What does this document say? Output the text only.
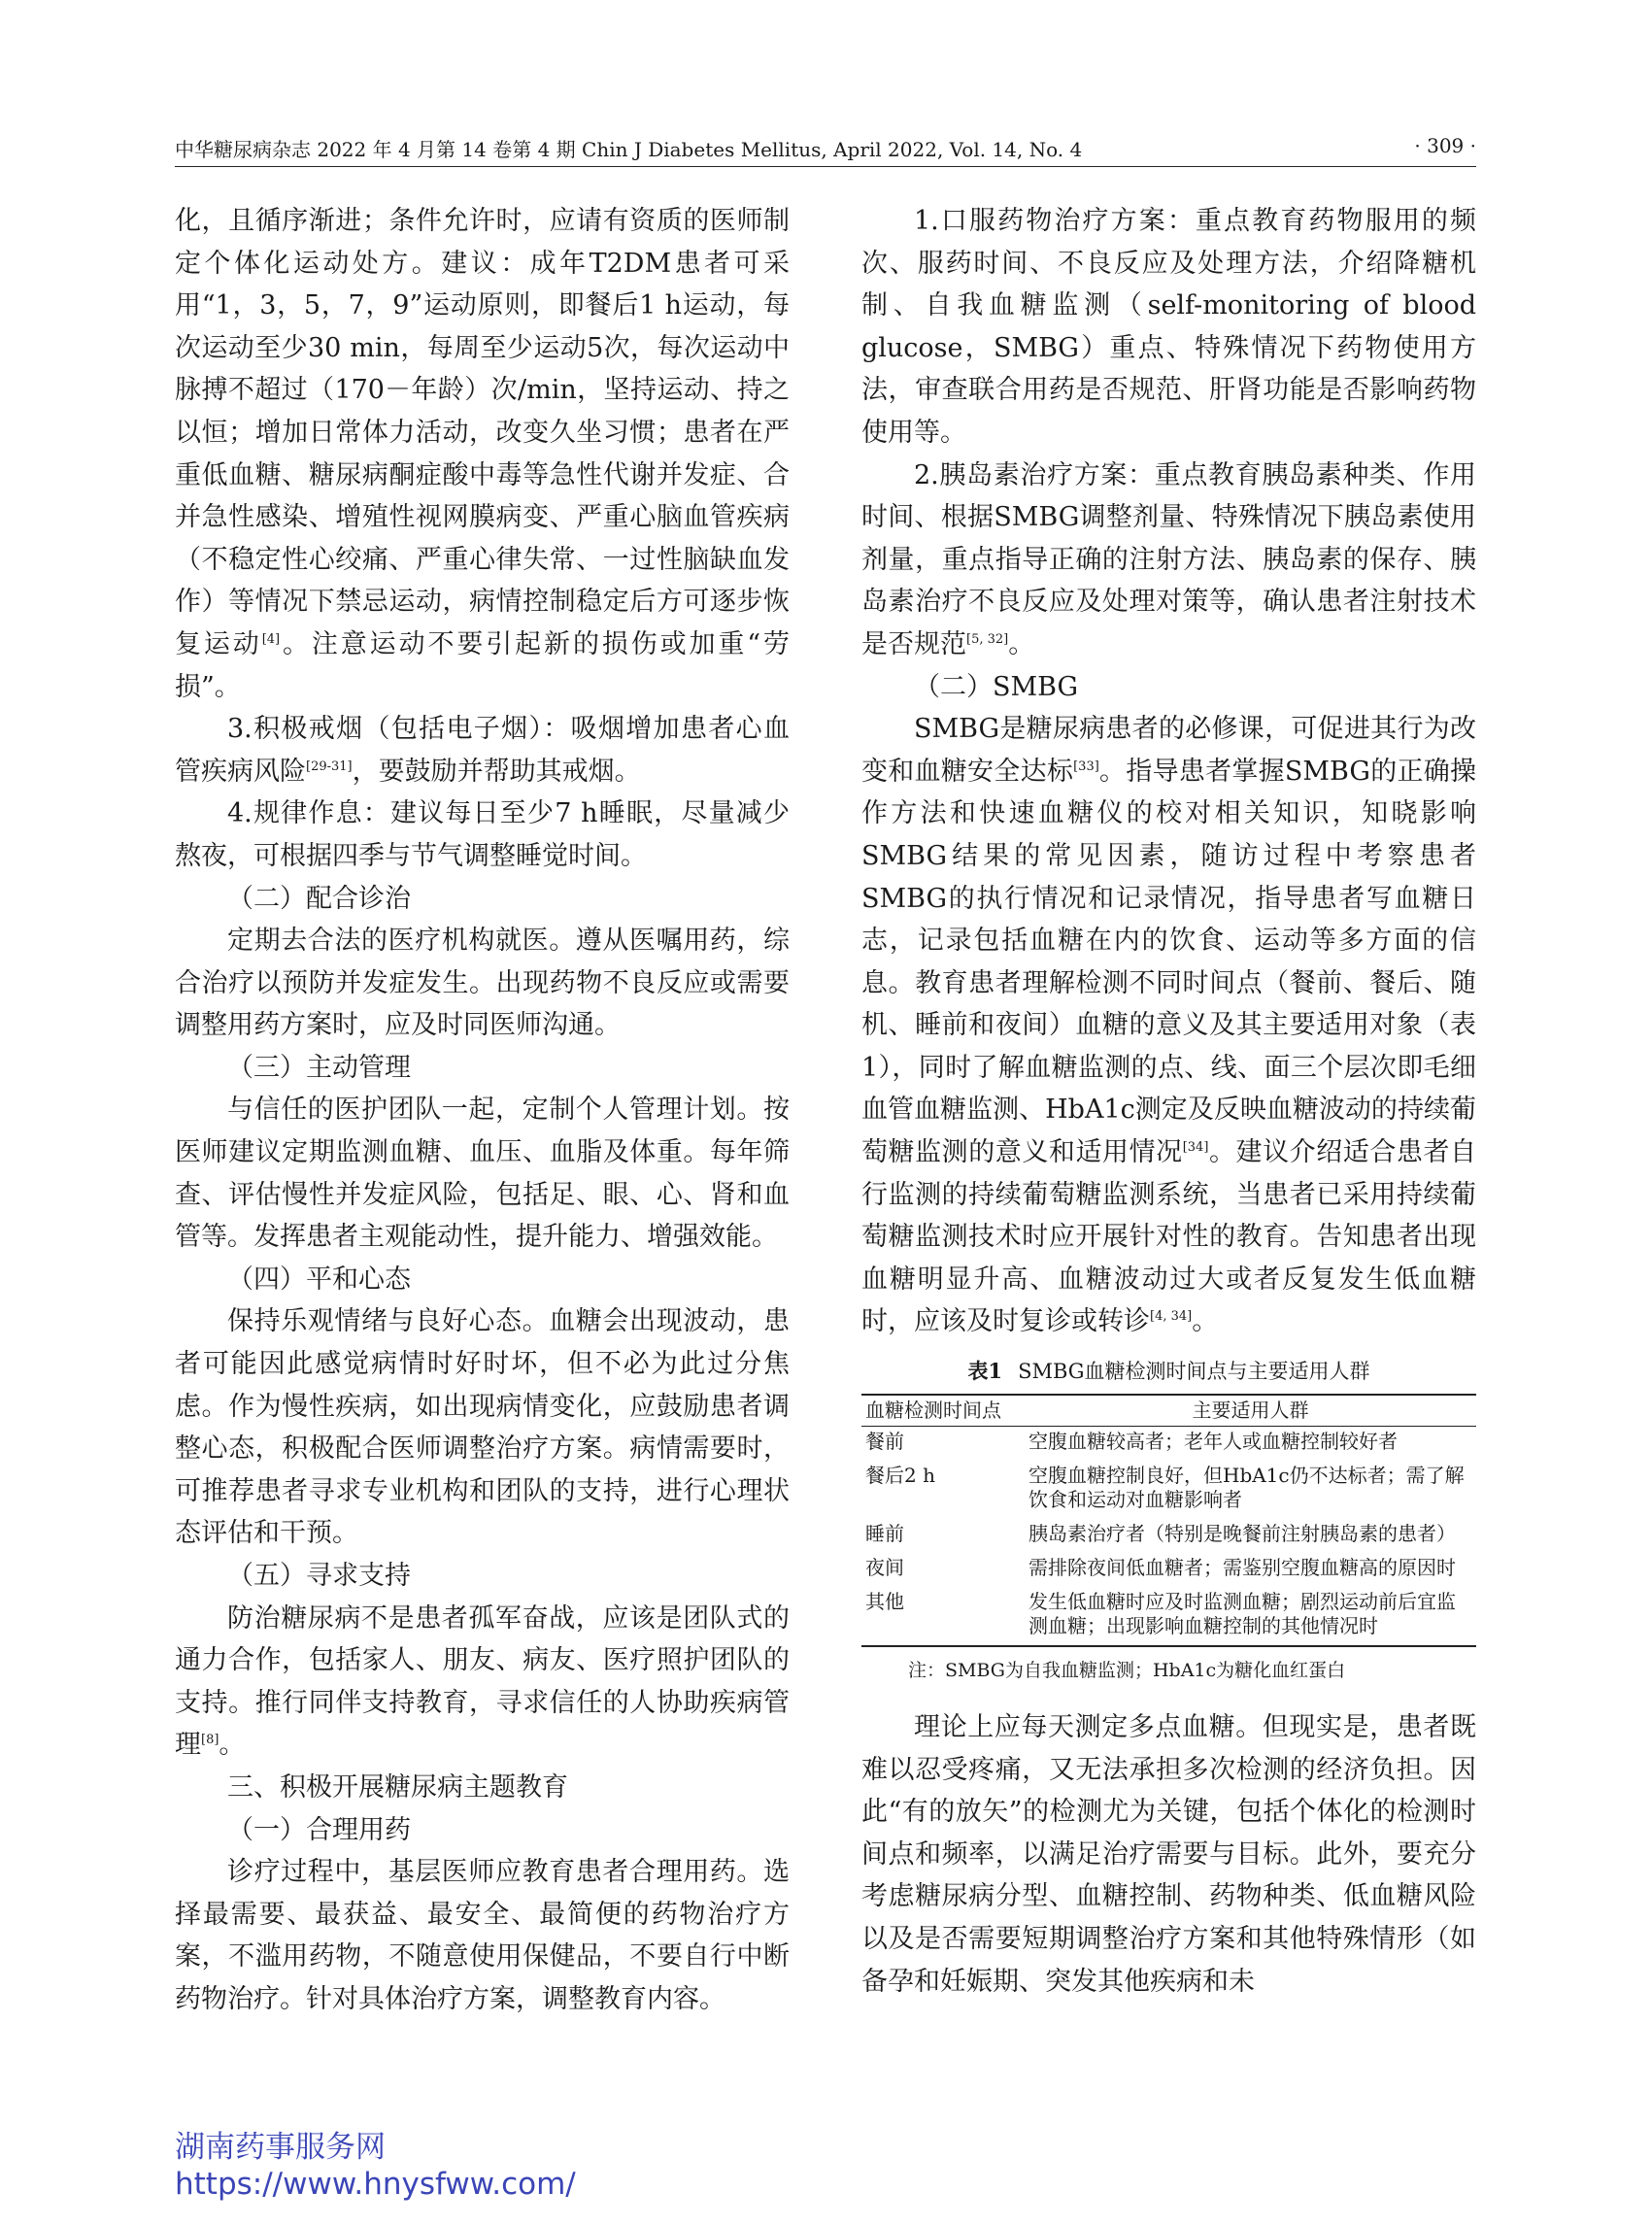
中华糖尿病杂志 2022 年 4 月第 14 卷第 4 期 Chin J Diabetes Mellitus, April 2022, Vol. 14, No. 4	· 309 ·

化，且循序渐进；条件允许时，应请有资质的医师制定个体化运动处方。建议：成年T2DM患者可采用“1，3，5，7，9”运动原则，即餐后1 h运动，每次运动至少30 min，每周至少运动5次，每次运动中脉搏不超过（170－年龄）次/min，坚持运动、持之以恒；增加日常体力活动，改变久坐习惯；患者在严重低血糖、糖尿病酮症酸中毒等急性代谢并发症、合并急性感染、增殖性视网膜病变、严重心脑血管疾病（不稳定性心绞痛、严重心律失常、一过性脑缺血发作）等情况下禁忌运动，病情控制稳定后方可逐步恢复运动[4]。注意运动不要引起新的损伤或加重“劳损”。

3.积极戒烟（包括电子烟）：吸烟增加患者心血管疾病风险[29-31]，要鼓励并帮助其戒烟。

4.规律作息：建议每日至少7 h睡眠，尽量减少熬夜，可根据四季与节气调整睡觉时间。

（二）配合诊治

定期去合法的医疗机构就医。遵从医嘱用药，综合治疗以预防并发症发生。出现药物不良反应或需要调整用药方案时，应及时同医师沟通。

（三）主动管理

与信任的医护团队一起，定制个人管理计划。按医师建议定期监测血糖、血压、血脂及体重。每年筛查、评估慢性并发症风险，包括足、眼、心、肾和血管等。发挥患者主观能动性，提升能力、增强效能。

（四）平和心态

保持乐观情绪与良好心态。血糖会出现波动，患者可能因此感觉病情时好时坏，但不必为此过分焦虑。作为慢性疾病，如出现病情变化，应鼓励患者调整心态，积极配合医师调整治疗方案。病情需要时，可推荐患者寻求专业机构和团队的支持，进行心理状态评估和干预。

（五）寻求支持

防治糖尿病不是患者孤军奋战，应该是团队式的通力合作，包括家人、朋友、病友、医疗照护团队的支持。推行同伴支持教育，寻求信任的人协助疾病管理[8]。

三、积极开展糖尿病主题教育

（一）合理用药

诊疗过程中，基层医师应教育患者合理用药。选择最需要、最获益、最安全、最简便的药物治疗方案，不滥用药物，不随意使用保健品，不要自行中断药物治疗。针对具体治疗方案，调整教育内容。

1.口服药物治疗方案：重点教育药物服用的频次、服药时间、不良反应及处理方法，介绍降糖机制、自我血糖监测（self-monitoring of blood glucose，SMBG）重点、特殊情况下药物使用方法，审查联合用药是否规范、肝肾功能是否影响药物使用等。

2.胰岛素治疗方案：重点教育胰岛素种类、作用时间、根据SMBG调整剂量、特殊情况下胰岛素使用剂量，重点指导正确的注射方法、胰岛素的保存、胰岛素治疗不良反应及处理对策等，确认患者注射技术是否规范[5, 32]。

（二）SMBG

SMBG是糖尿病患者的必修课，可促进其行为改变和血糖安全达标[33]。指导患者掌握SMBG的正确操作方法和快速血糖仪的校对相关知识，知晓影响SMBG结果的常见因素，随访过程中考察患者SMBG的执行情况和记录情况，指导患者写血糖日志，记录包括血糖在内的饮食、运动等多方面的信息。教育患者理解检测不同时间点（餐前、餐后、随机、睡前和夜间）血糖的意义及其主要适用对象（表1），同时了解血糖监测的点、线、面三个层次即毛细血管血糖监测、HbA1c测定及反映血糖波动的持续葡萄糖监测的意义和适用情况[34]。建议介绍适合患者自行监测的持续葡萄糖监测系统，当患者已采用持续葡萄糖监测技术时应开展针对性的教育。告知患者出现血糖明显升高、血糖波动过大或者反复发生低血糖时，应该及时复诊或转诊[4, 34]。

表1 SMBG血糖检测时间点与主要适用人群
血糖检测时间点	主要适用人群
餐前	空腹血糖较高者；老年人或血糖控制较好者
餐后2 h	空腹血糖控制良好，但HbA1c仍不达标者；需了解饮食和运动对血糖影响者
睡前	胰岛素治疗者（特别是晚餐前注射胰岛素的患者）
夜间	需排除夜间低血糖者；需鉴别空腹血糖高的原因时
其他	发生低血糖时应及时监测血糖；剧烈运动前后宜监测血糖；出现影响血糖控制的其他情况时
注：SMBG为自我血糖监测；HbA1c为糖化血红蛋白

理论上应每天测定多点血糖。但现实是，患者既难以忍受疼痛，又无法承担多次检测的经济负担。因此“有的放矢”的检测尤为关键，包括个体化的检测时间点和频率，以满足治疗需要与目标。此外，要充分考虑糖尿病分型、血糖控制、药物种类、低血糖风险以及是否需要短期调整治疗方案和其他特殊情形（如备孕和妊娠期、突发其他疾病和未

湖南药事服务网
https://www.hnysfww.com/
